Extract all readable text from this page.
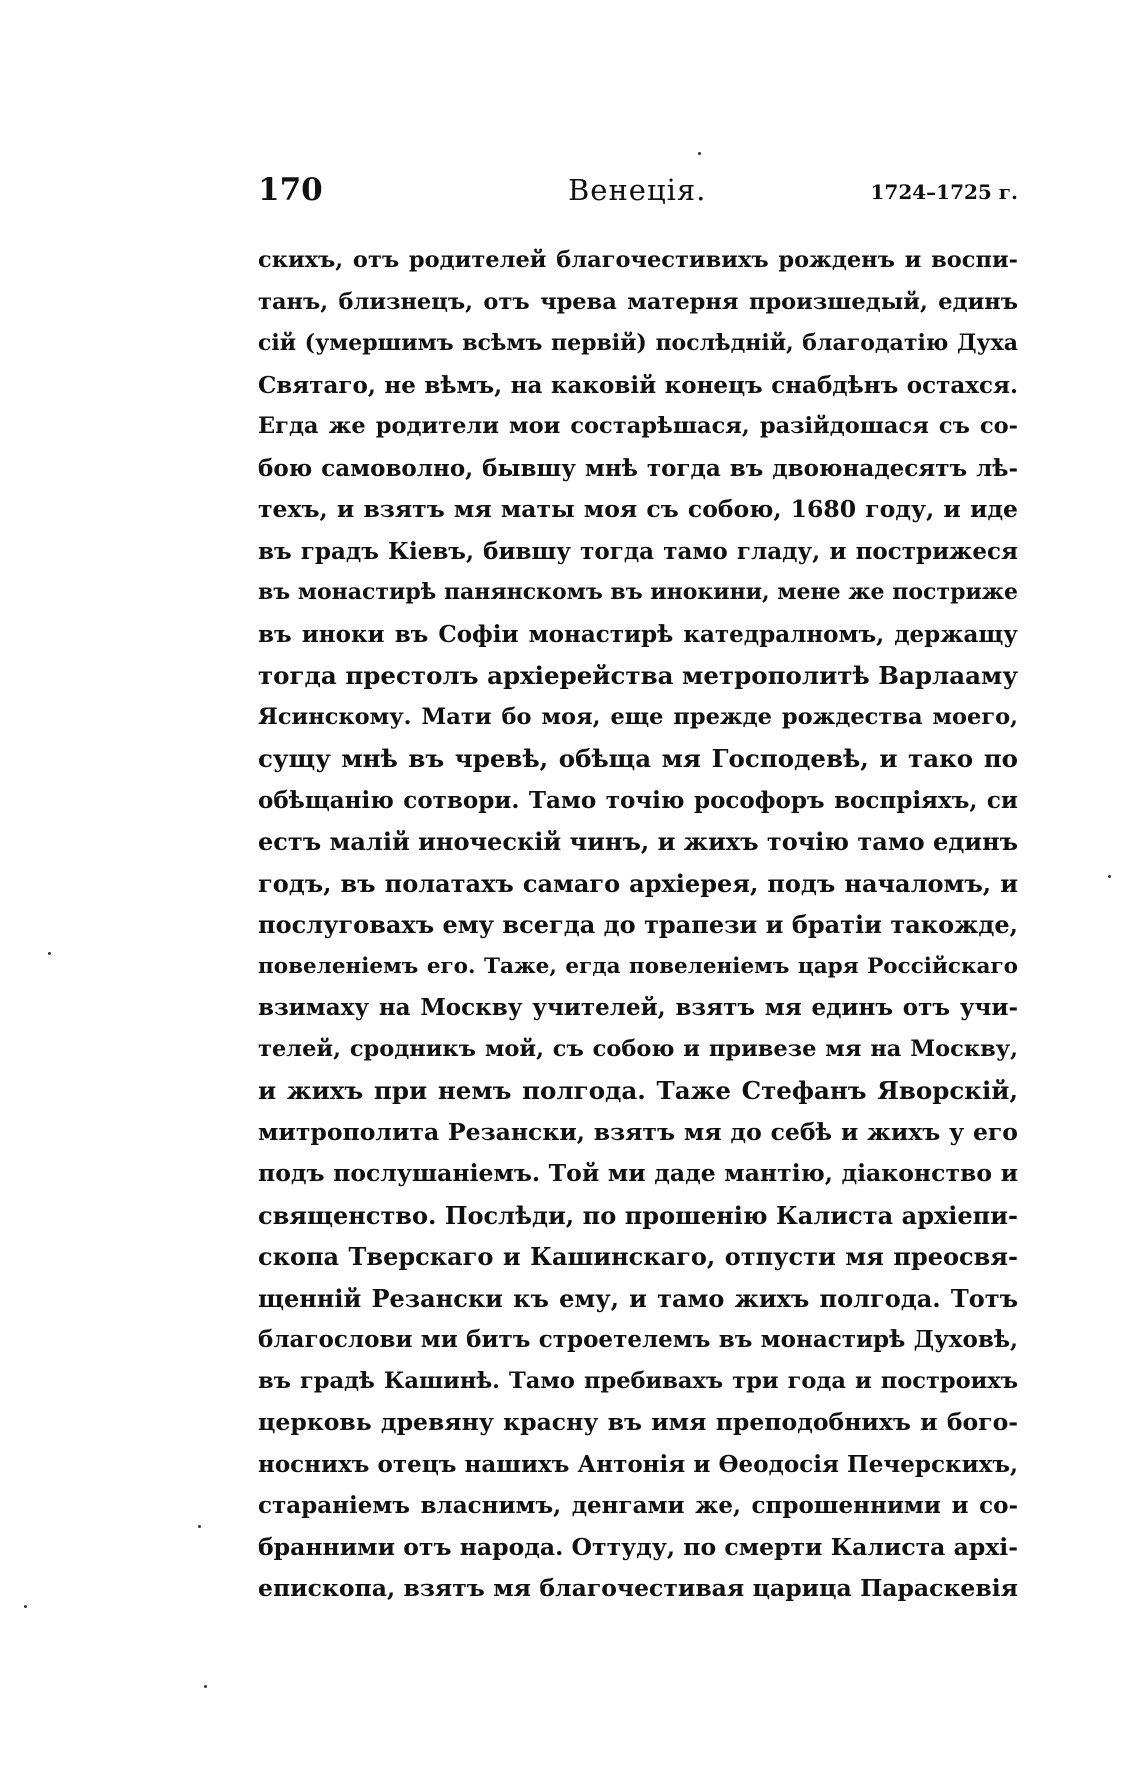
170	Венеція.	1724–1725 г.
скихъ, отъ родителей благочестивихъ рожденъ и воспи-
танъ, близнецъ, отъ чрева матерня произшедый, единъ
сій (умершимъ всѣмъ первій) послѣдній, благодатію Духа
Святаго, не вѣмъ, на каковій конецъ снабдѣнъ остахся.
Егда же родители мои состарѣшася, разійдошася съ со-
бою самоволно, бывшу мнѣ тогда въ двоюнадесятъ лѣ-
техъ, и взятъ мя маты моя съ собою, 1680 году, и иде
въ градъ Кіевъ, бившу тогда тамо гладу, и пострижеся
въ монастирѣ панянскомъ въ инокини, мене же постриже
въ иноки въ Софіи монастирѣ катедралномъ, держащу
тогда престолъ архіерейства метрополитѣ Варлааму
Ясинскому. Мати бо моя, еще прежде рождества моего,
сущу мнѣ въ чревѣ, обѣща мя Господевѣ, и тако по
обѣщанію сотвори. Тамо точію рософоръ воспріяхъ, си
естъ малій иноческій чинъ, и жихъ точію тамо единъ
годъ, въ полатахъ самаго архіерея, подъ началомъ, и
послуговахъ ему всегда до трапези и братіи такожде,
повеленіемъ его. Таже, егда повеленіемъ царя Россійскаго
взимаху на Москву учителей, взятъ мя единъ отъ учи-
телей, сродникъ мой, съ собою и привезе мя на Москву,
и жихъ при немъ полгода. Таже Стефанъ Яворскій,
митрополита Резански, взятъ мя до себѣ и жихъ у его
подъ послушаніемъ. Той ми даде мантію, діаконство и
священство. Послѣди, по прошенію Калиста архіепи-
скопа Тверскаго и Кашинскаго, отпусти мя преосвя-
щенній Резански къ ему, и тамо жихъ полгода. Тотъ
благослови ми битъ строетелемъ въ монастирѣ Духовѣ,
въ градѣ Кашинѣ. Тамо пребивахъ три года и построихъ
церковь древяну красну въ имя преподобнихъ и бого-
носнихъ отецъ нашихъ Антонія и Ѳеодосія Печерскихъ,
стараніемъ власнимъ, денгами же, спрошенними и со-
бранними отъ народа. Оттуду, по смерти Калиста архі-
епископа, взятъ мя благочестивая царица Параскевія
